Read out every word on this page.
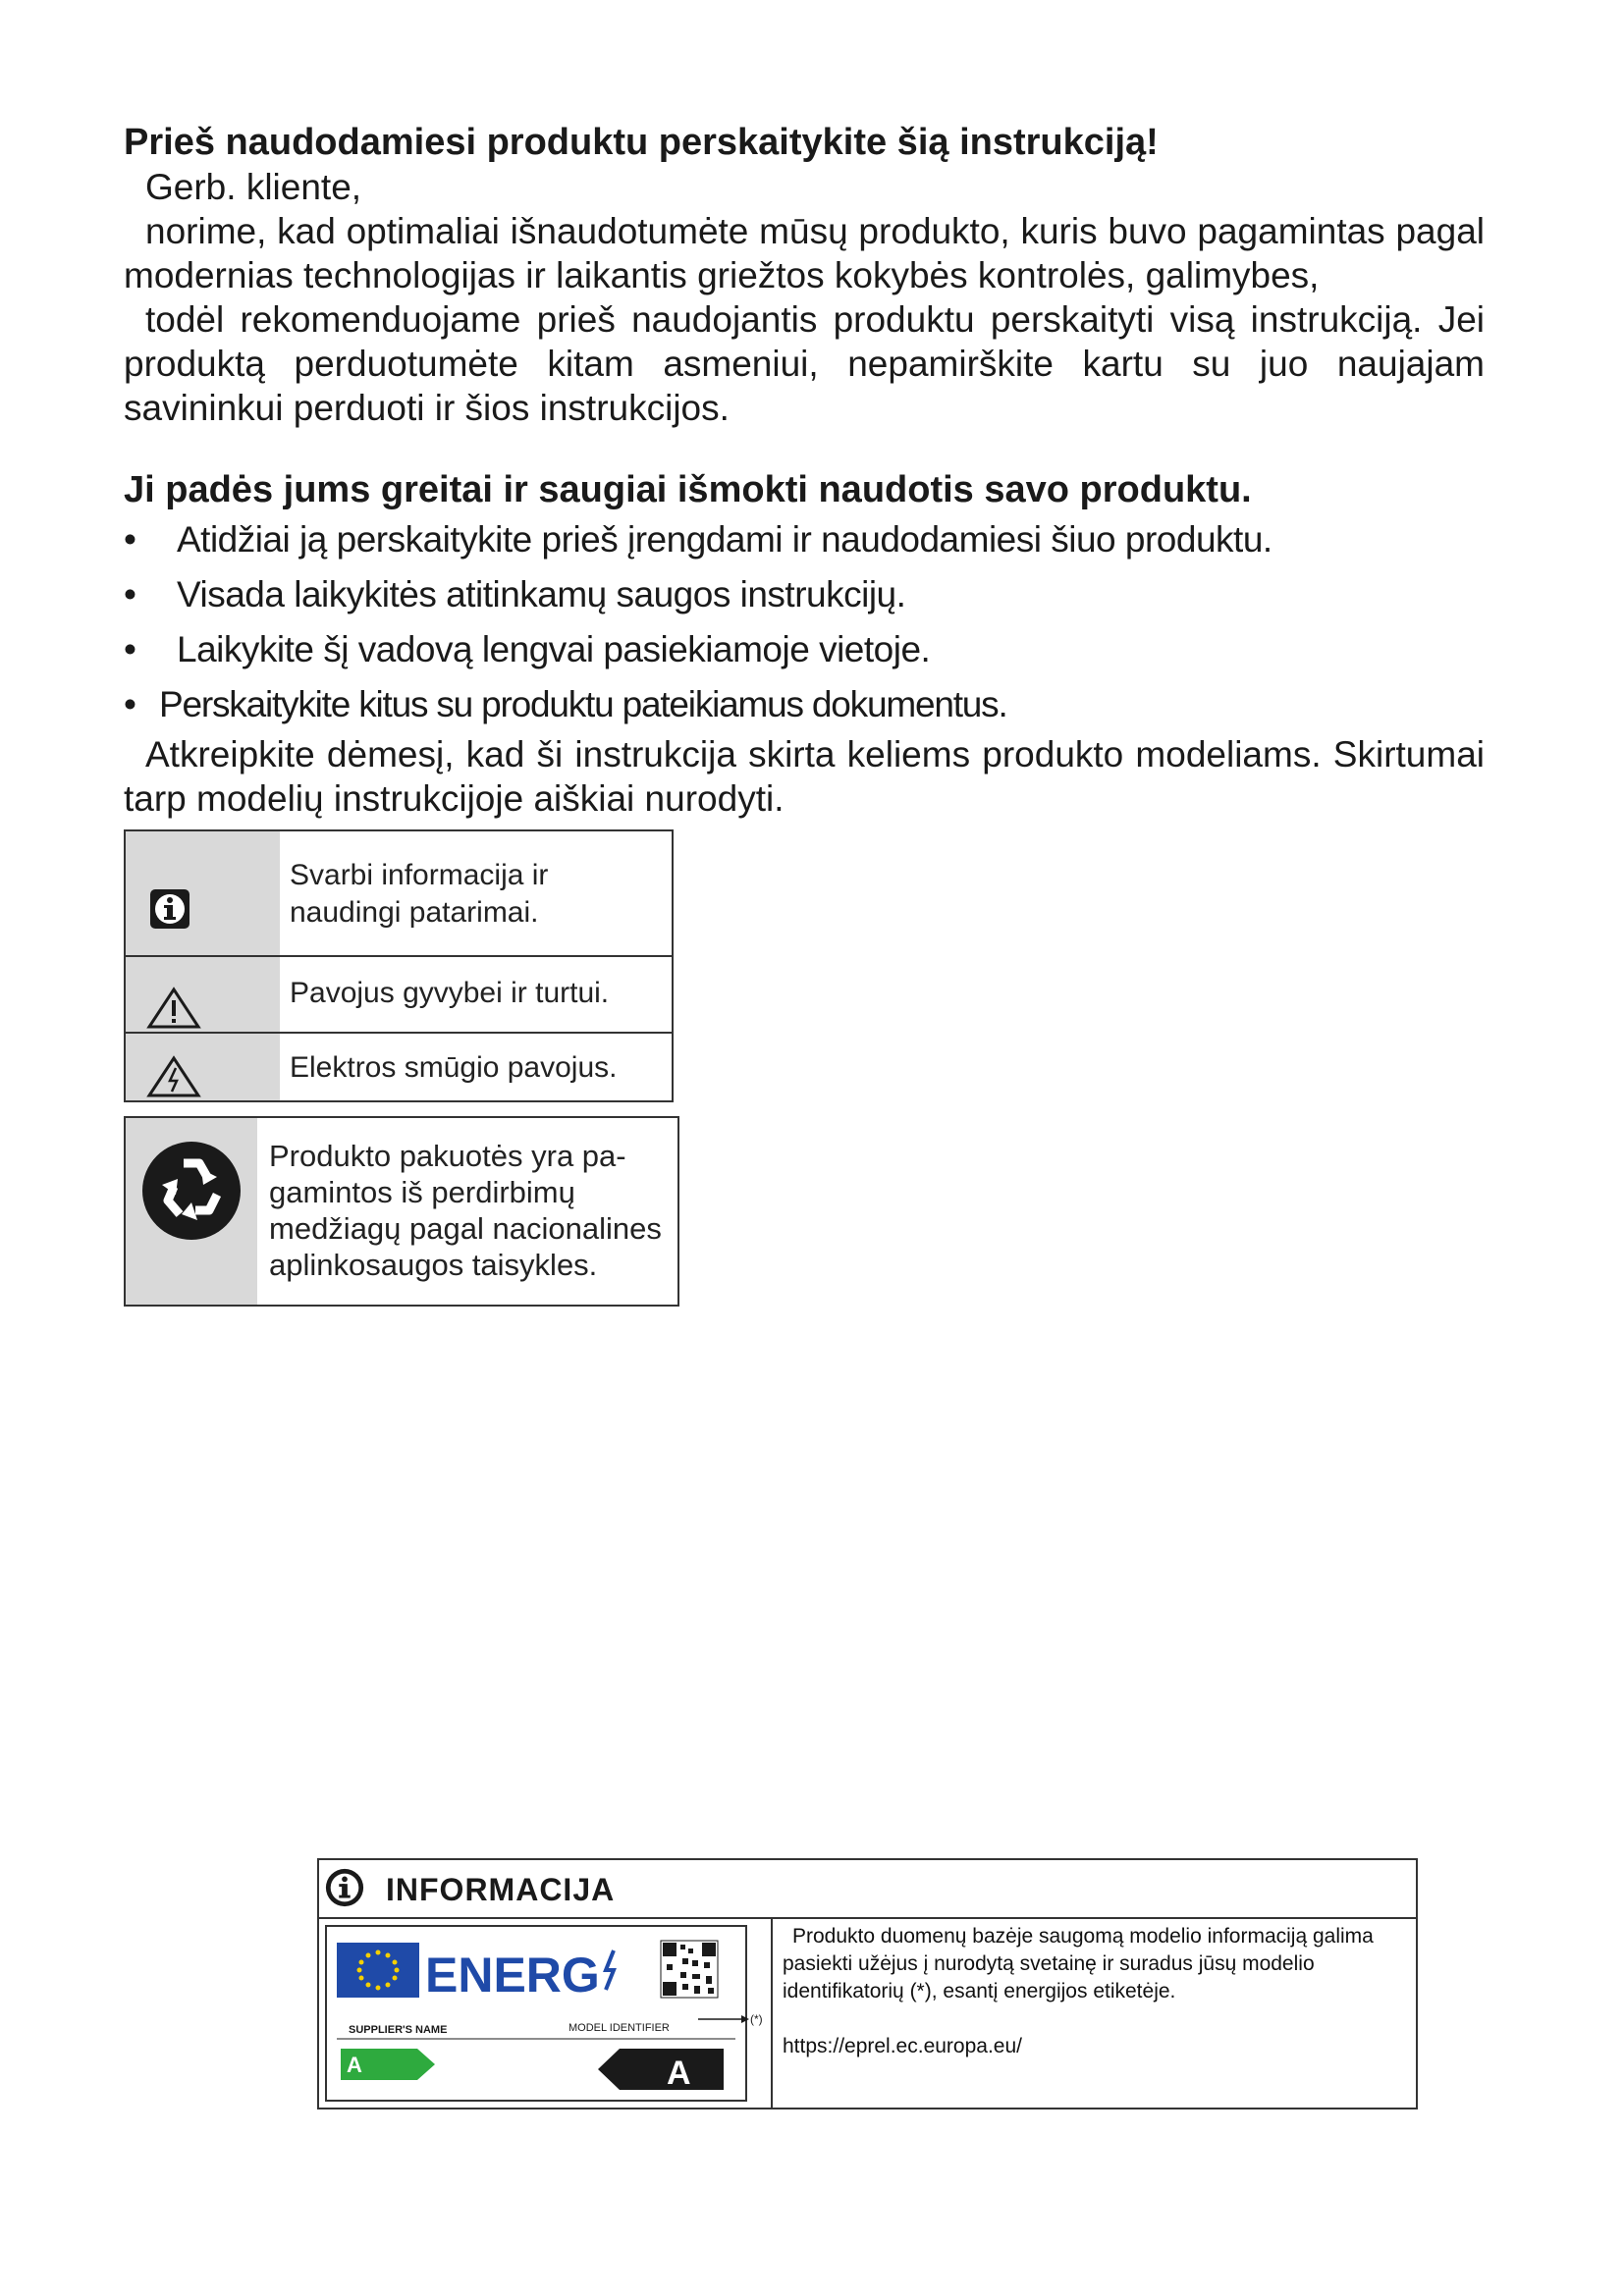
Prieš naudodamiesi produktu perskaitykite šią instrukciją!

Gerb. kliente,

norime, kad optimaliai išnaudotumėte mūsų produkto, kuris buvo pagamintas pagal modernias technologijas ir laikantis griežtos kokybės kontrolės, galimybes,

todėl rekomenduojame prieš naudojantis produktu perskaityti visą instrukciją. Jei produktą perduotumėte kitam asmeniui, nepamirškite kartu su juo naujajam savininkui perduoti ir šios instrukcijos.

Ji padės jums greitai ir saugiai išmokti naudotis savo produktu.

• Atidžiai ją perskaitykite prieš įrengdami ir naudodamiesi šiuo produktu.
• Visada laikykitės atitinkamų saugos instrukcijų.
• Laikykite šį vadovą lengvai pasiekiamoje vietoje.
• Perskaitykite kitus su produktu pateikiamus dokumentus.

Atkreipkite dėmesį, kad ši instrukcija skirta keliems produkto modeliams. Skirtumai tarp modelių instrukcijoje aiškiai nurodyti.

Svarbi informacija ir naudingi patarimai.
Pavojus gyvybei ir turtui.
Elektros smūgio pavojus.
Produkto pakuotės yra pa-
gamintos iš perdirbimų
medžiagų pagal nacionalines
aplinkosaugos taisykles.
INFORMACIJA
ENERG
SUPPLIER'S NAME	MODEL IDENTIFIER
A	A
(*)
Produkto duomenų bazėje saugomą modelio informaciją galima pasiekti užėjus į nurodytą svetainę ir suradus jūsų modelio identifikatorių (*), esantį energijos etiketėje.
https://eprel.ec.europa.eu/
